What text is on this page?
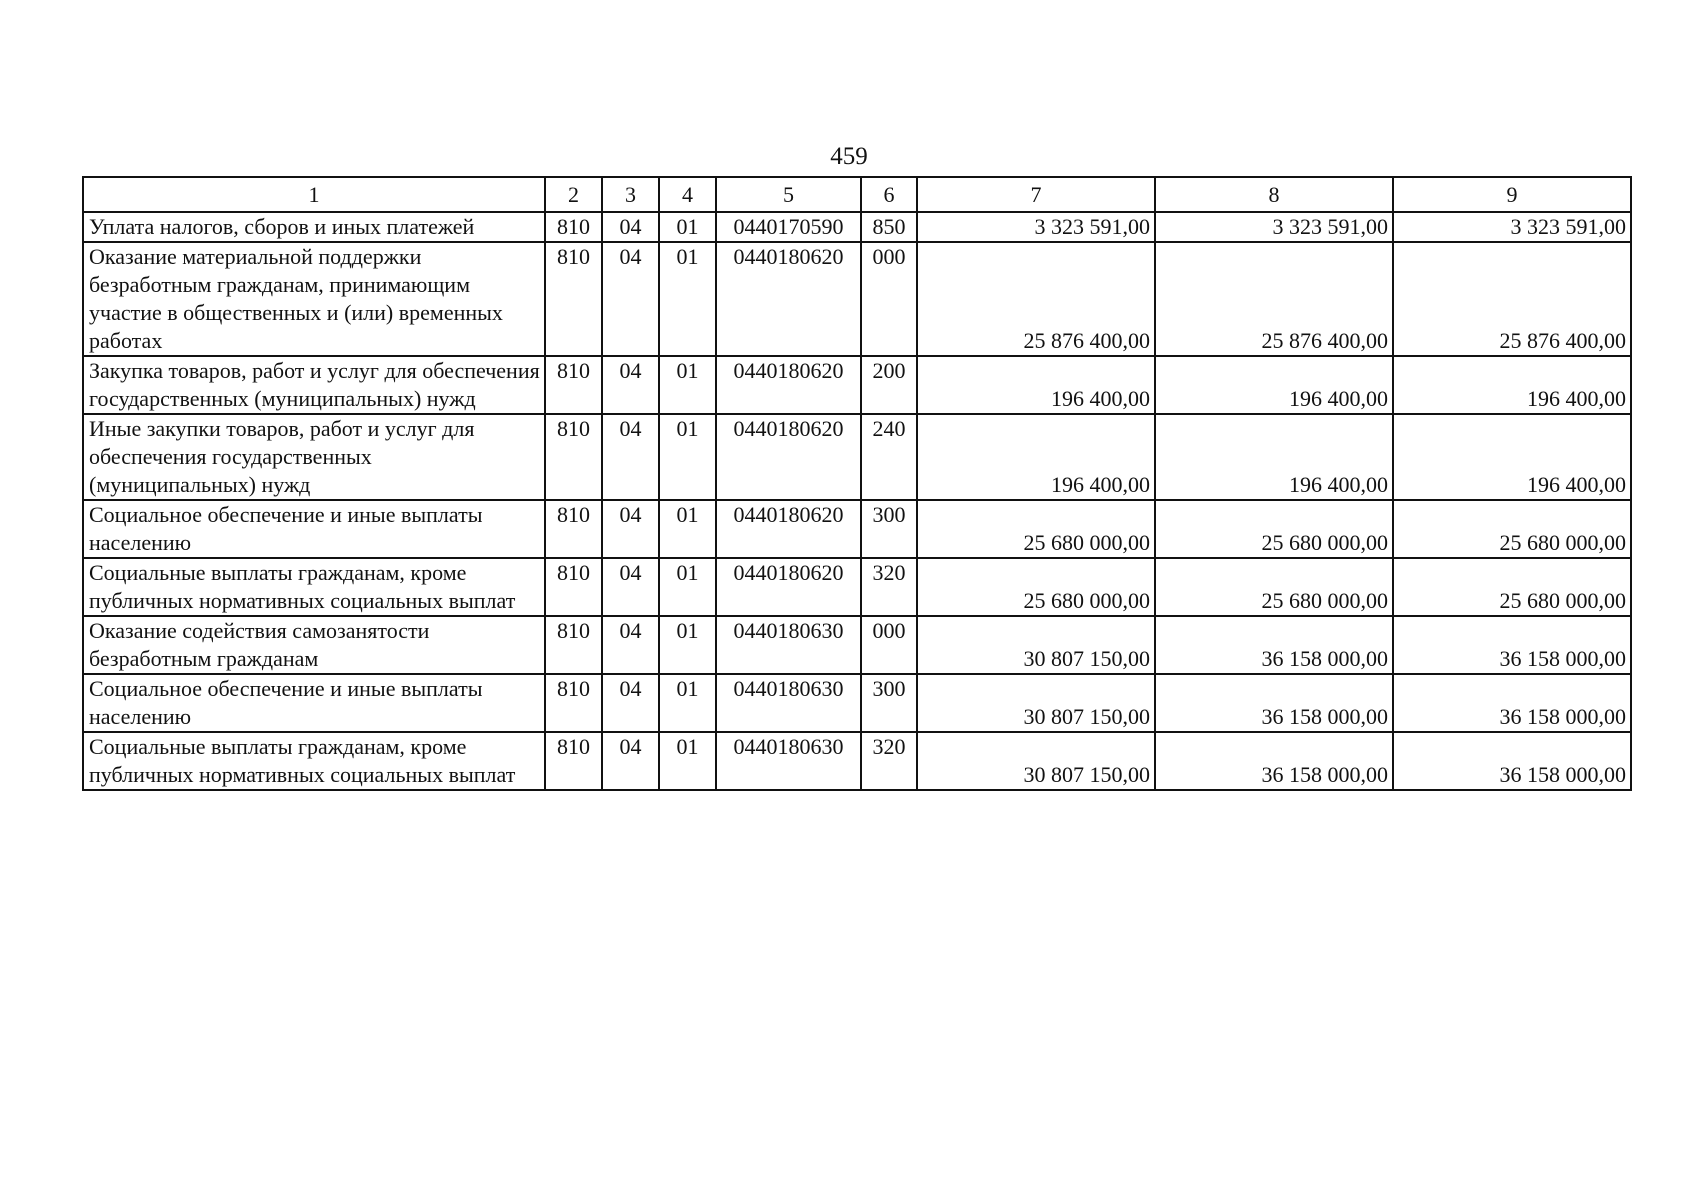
459
1	2	3	4	5	6	7	8	9
Уплата налогов, сборов и иных платежей	810	04	01	0440170590	850	3 323 591,00	3 323 591,00	3 323 591,00
Оказание материальной поддержки безработным гражданам, принимающим участие в общественных и (или) временных работах	810	04	01	0440180620	000	25 876 400,00	25 876 400,00	25 876 400,00
Закупка товаров, работ и услуг для обеспечения государственных (муниципальных) нужд	810	04	01	0440180620	200	196 400,00	196 400,00	196 400,00
Иные закупки товаров, работ и услуг для обеспечения государственных (муниципальных) нужд	810	04	01	0440180620	240	196 400,00	196 400,00	196 400,00
Социальное обеспечение и иные выплаты населению	810	04	01	0440180620	300	25 680 000,00	25 680 000,00	25 680 000,00
Социальные выплаты гражданам, кроме публичных нормативных социальных выплат	810	04	01	0440180620	320	25 680 000,00	25 680 000,00	25 680 000,00
Оказание содействия самозанятости безработным гражданам	810	04	01	0440180630	000	30 807 150,00	36 158 000,00	36 158 000,00
Социальное обеспечение и иные выплаты населению	810	04	01	0440180630	300	30 807 150,00	36 158 000,00	36 158 000,00
Социальные выплаты гражданам, кроме публичных нормативных социальных выплат	810	04	01	0440180630	320	30 807 150,00	36 158 000,00	36 158 000,00
